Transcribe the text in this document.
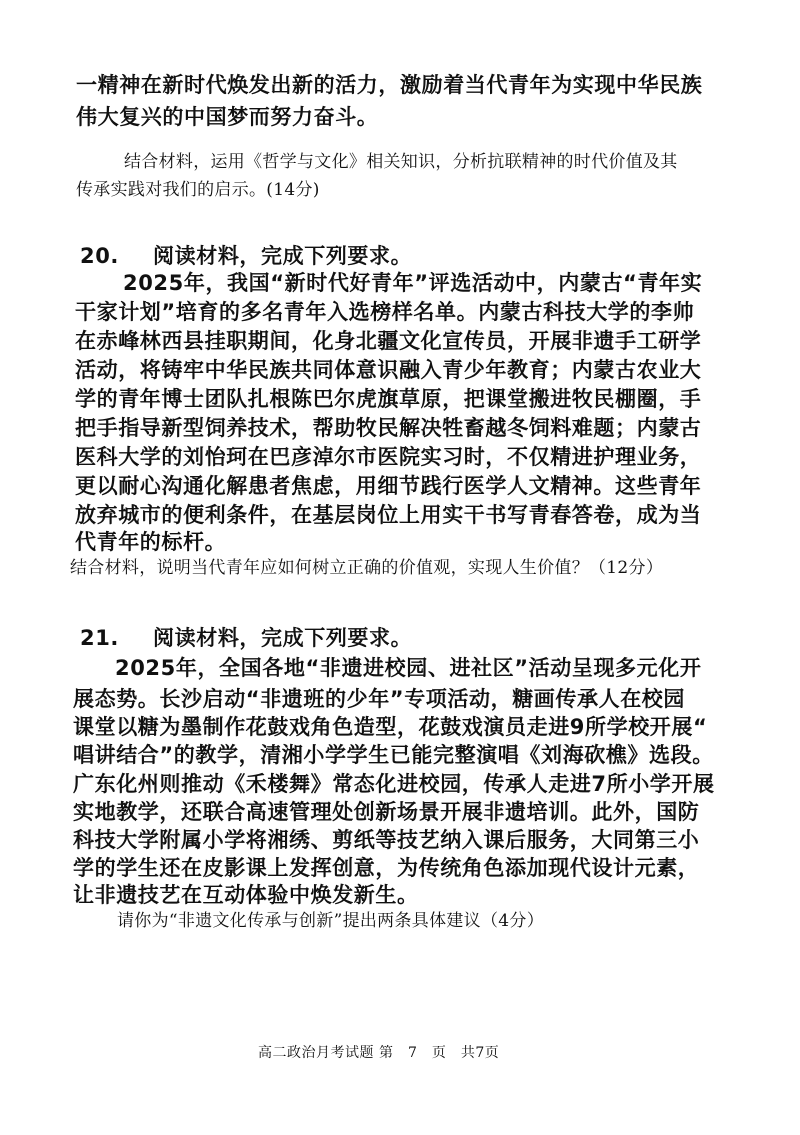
一精神在新时代焕发出新的活力，激励着当代青年为实现中华民族

伟大复兴的中国梦而努力奋斗。

结合材料，运用《哲学与文化》相关知识，分析抗联精神的时代价值及其

传承实践对我们的启示。(14分)

20. 阅读材料，完成下列要求。

2025年，我国“新时代好青年”评选活动中，内蒙古“青年实

干家计划”培育的多名青年入选榜样名单。内蒙古科技大学的李帅

在赤峰林西县挂职期间，化身北疆文化宣传员，开展非遗手工研学

活动，将铸牢中华民族共同体意识融入青少年教育；内蒙古农业大

学的青年博士团队扎根陈巴尔虎旗草原，把课堂搬进牧民棚圈，手

把手指导新型饲养技术，帮助牧民解决牲畜越冬饲料难题；内蒙古

医科大学的刘怡珂在巴彦淖尔市医院实习时，不仅精进护理业务，

更以耐心沟通化解患者焦虑，用细节践行医学人文精神。这些青年

放弃城市的便利条件，在基层岗位上用实干书写青春答卷，成为当

代青年的标杆。

结合材料，说明当代青年应如何树立正确的价值观，实现人生价值？（12分）

21. 阅读材料，完成下列要求。

2025年，全国各地“非遗进校园、进社区”活动呈现多元化开

展态势。长沙启动“非遗班的少年”专项活动，糖画传承人在校园

课堂以糖为墨制作花鼓戏角色造型，花鼓戏演员走进9所学校开展“

唱讲结合”的教学，清湘小学学生已能完整演唱《刘海砍樵》选段。

广东化州则推动《禾楼舞》常态化进校园，传承人走进7所小学开展

实地教学，还联合高速管理处创新场景开展非遗培训。此外，国防

科技大学附属小学将湘绣、剪纸等技艺纳入课后服务，大同第三小

学的学生还在皮影课上发挥创意，为传统角色添加现代设计元素，

让非遗技艺在互动体验中焕发新生。

请你为“非遗文化传承与创新”提出两条具体建议（4分）

高二政治月考试题 第　7　页　共7页
